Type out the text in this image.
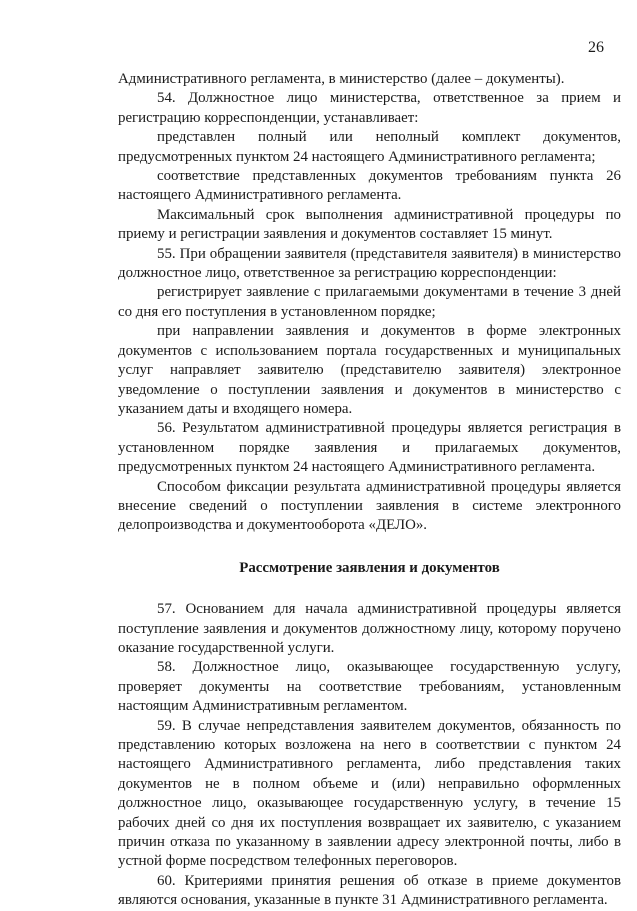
26

Административного регламента, в министерство (далее – документы).

54. Должностное лицо министерства, ответственное за прием и регистрацию корреспонденции, устанавливает:

представлен полный или неполный комплект документов, предусмотренных пунктом 24 настоящего Административного регламента;

соответствие представленных документов требованиям пункта 26 настоящего Административного регламента.

Максимальный срок выполнения административной процедуры по приему и регистрации заявления и документов составляет 15 минут.

55. При обращении заявителя (представителя заявителя) в министерство должностное лицо, ответственное за регистрацию корреспонденции:

регистрирует заявление с прилагаемыми документами в течение 3 дней со дня его поступления в установленном порядке;

при направлении заявления и документов в форме электронных документов с использованием портала государственных и муниципальных услуг направляет заявителю (представителю заявителя) электронное уведомление о поступлении заявления и документов в министерство с указанием даты и входящего номера.

56. Результатом административной процедуры является регистрация в установленном порядке заявления и прилагаемых документов, предусмотренных пунктом 24 настоящего Административного регламента.

Способом фиксации результата административной процедуры является внесение сведений о поступлении заявления в системе электронного делопроизводства и документооборота «ДЕЛО».

Рассмотрение заявления и документов

57. Основанием для начала административной процедуры является поступление заявления и документов должностному лицу, которому поручено оказание государственной услуги.

58. Должностное лицо, оказывающее государственную услугу, проверяет документы на соответствие требованиям, установленным настоящим Административным регламентом.

59. В случае непредставления заявителем документов, обязанность по представлению которых возложена на него в соответствии с пунктом 24 настоящего Административного регламента, либо представления таких документов не в полном объеме и (или) неправильно оформленных должностное лицо, оказывающее государственную услугу, в течение 15 рабочих дней со дня их поступления возвращает их заявителю, с указанием причин отказа по указанному в заявлении адресу электронной почты, либо в устной форме посредством телефонных переговоров.

60. Критериями принятия решения об отказе в приеме документов являются основания, указанные в пункте 31 Административного регламента.
